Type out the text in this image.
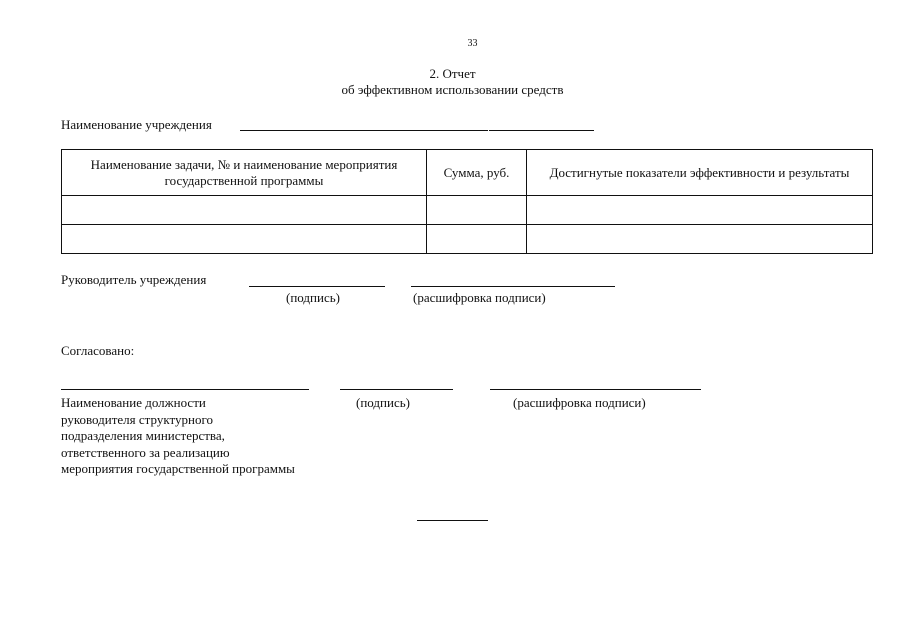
33
2. Отчет
об эффективном использовании средств
Наименование учреждения
Наименование задачи, № и наименование мероприятия государственной программы	Сумма, руб.	Достигнутые показатели эффективности и результаты

Руководитель учреждения
(подпись)	(расшифровка подписи)
Согласовано:
Наименование должности
руководителя структурного
подразделения министерства,
ответственного за реализацию
мероприятия государственной программы
(подпись)	(расшифровка подписи)
